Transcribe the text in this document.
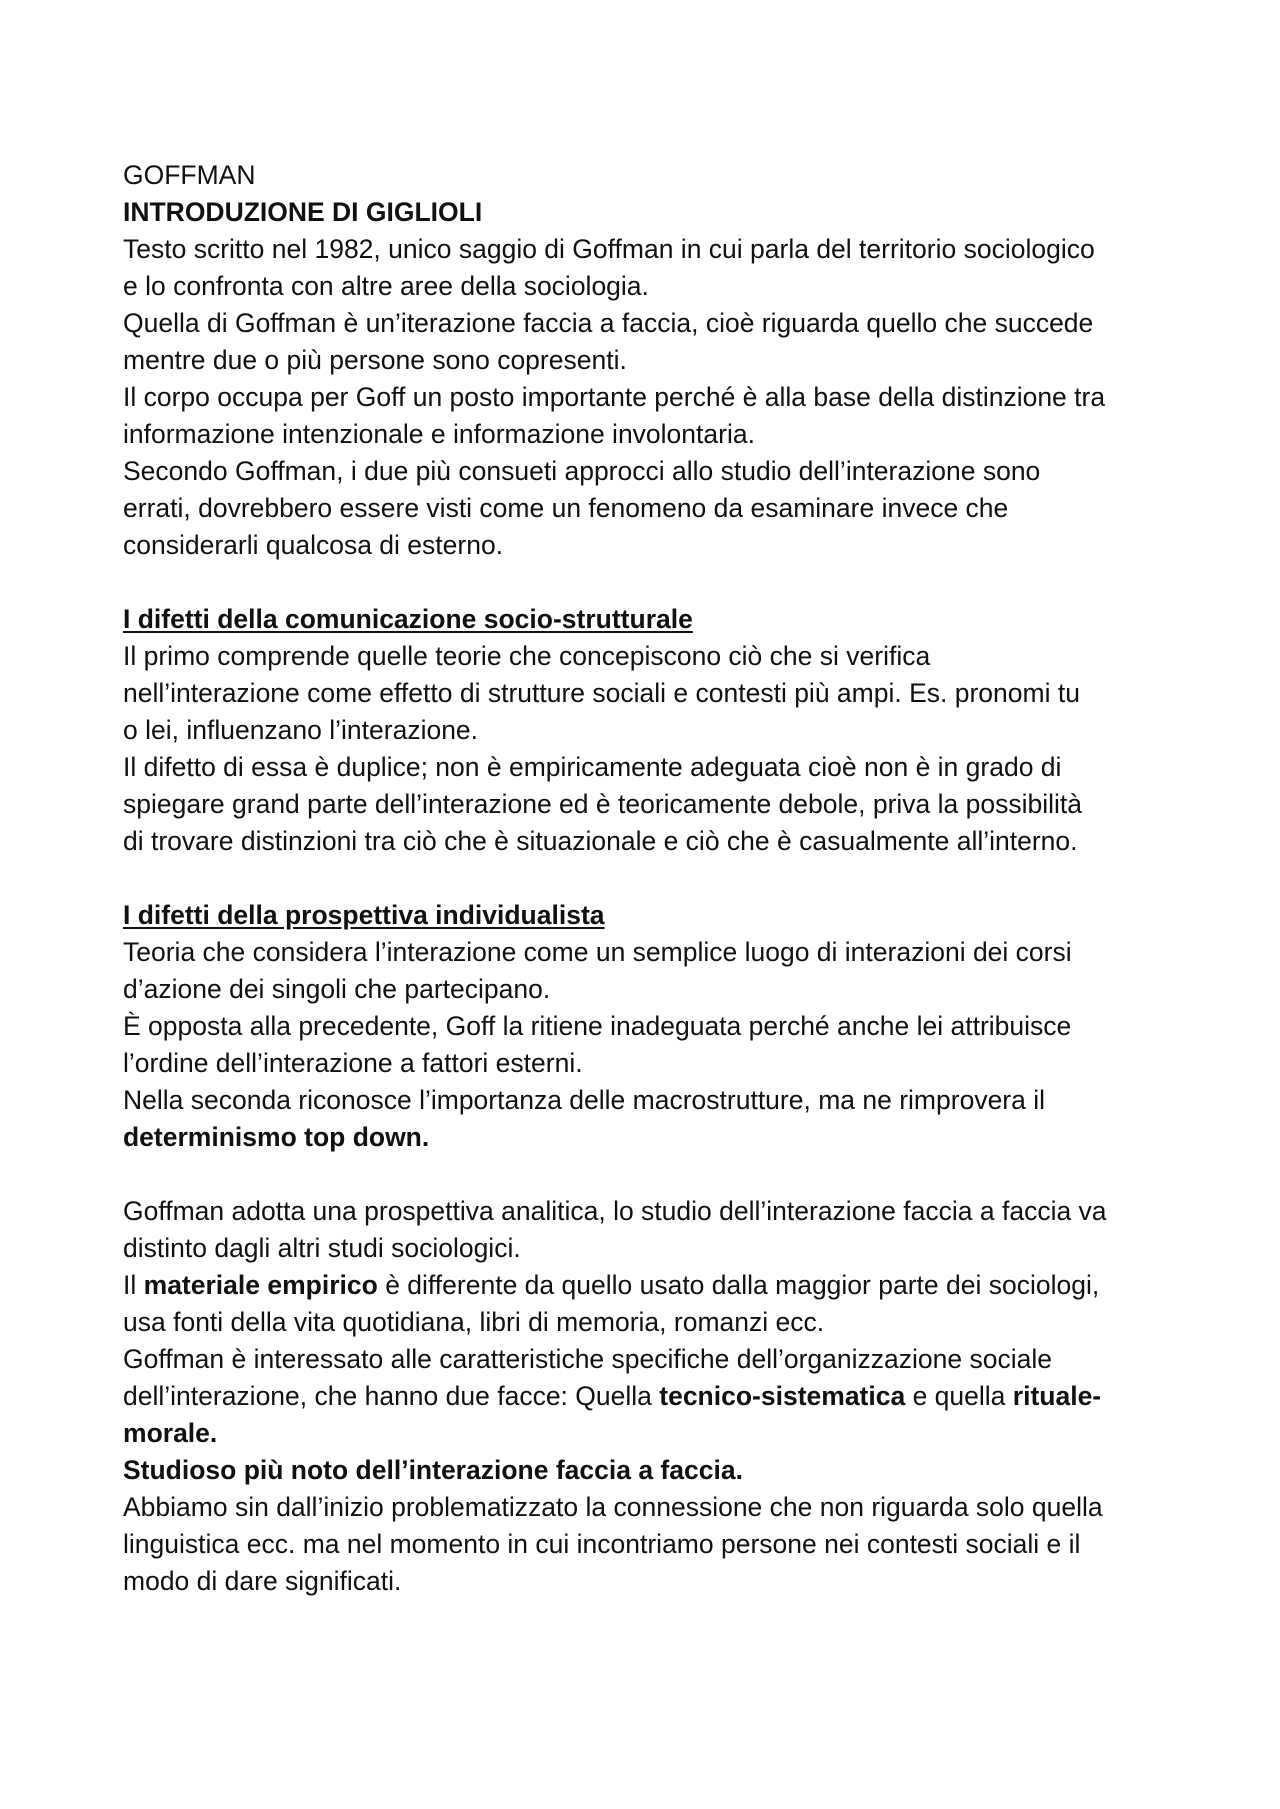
GOFFMAN
INTRODUZIONE DI GIGLIOLI
Testo scritto nel 1982, unico saggio di Goffman in cui parla del territorio sociologico
e lo confronta con altre aree della sociologia.
Quella di Goffman è un’iterazione faccia a faccia, cioè riguarda quello che succede
mentre due o più persone sono copresenti.
Il corpo occupa per Goff un posto importante perché è alla base della distinzione tra
informazione intenzionale e informazione involontaria.
Secondo Goffman, i due più consueti approcci allo studio dell’interazione sono
errati, dovrebbero essere visti come un fenomeno da esaminare invece che
considerarli qualcosa di esterno.
I difetti della comunicazione socio-strutturale
Il primo comprende quelle teorie che concepiscono ciò che si verifica
nell’interazione come effetto di strutture sociali e contesti più ampi. Es. pronomi tu
o lei, influenzano l’interazione.
Il difetto di essa è duplice; non è empiricamente adeguata cioè non è in grado di
spiegare grand parte dell’interazione ed è teoricamente debole, priva la possibilità
di trovare distinzioni tra ciò che è situazionale e ciò che è casualmente all’interno.
I difetti della prospettiva individualista
Teoria che considera l’interazione come un semplice luogo di interazioni dei corsi
d’azione dei singoli che partecipano.
È opposta alla precedente, Goff la ritiene inadeguata perché anche lei attribuisce
l’ordine dell’interazione a fattori esterni.
Nella seconda riconosce l’importanza delle macrostrutture, ma ne rimprovera il
determinismo top down.
Goffman adotta una prospettiva analitica, lo studio dell’interazione faccia a faccia va
distinto dagli altri studi sociologici.
Il materiale empirico è differente da quello usato dalla maggior parte dei sociologi,
usa fonti della vita quotidiana, libri di memoria, romanzi ecc.
Goffman è interessato alle caratteristiche specifiche dell’organizzazione sociale
dell’interazione, che hanno due facce: Quella tecnico-sistematica e quella rituale-
morale.
Studioso più noto dell’interazione faccia a faccia.
Abbiamo sin dall’inizio problematizzato la connessione che non riguarda solo quella
linguistica ecc. ma nel momento in cui incontriamo persone nei contesti sociali e il
modo di dare significati.
